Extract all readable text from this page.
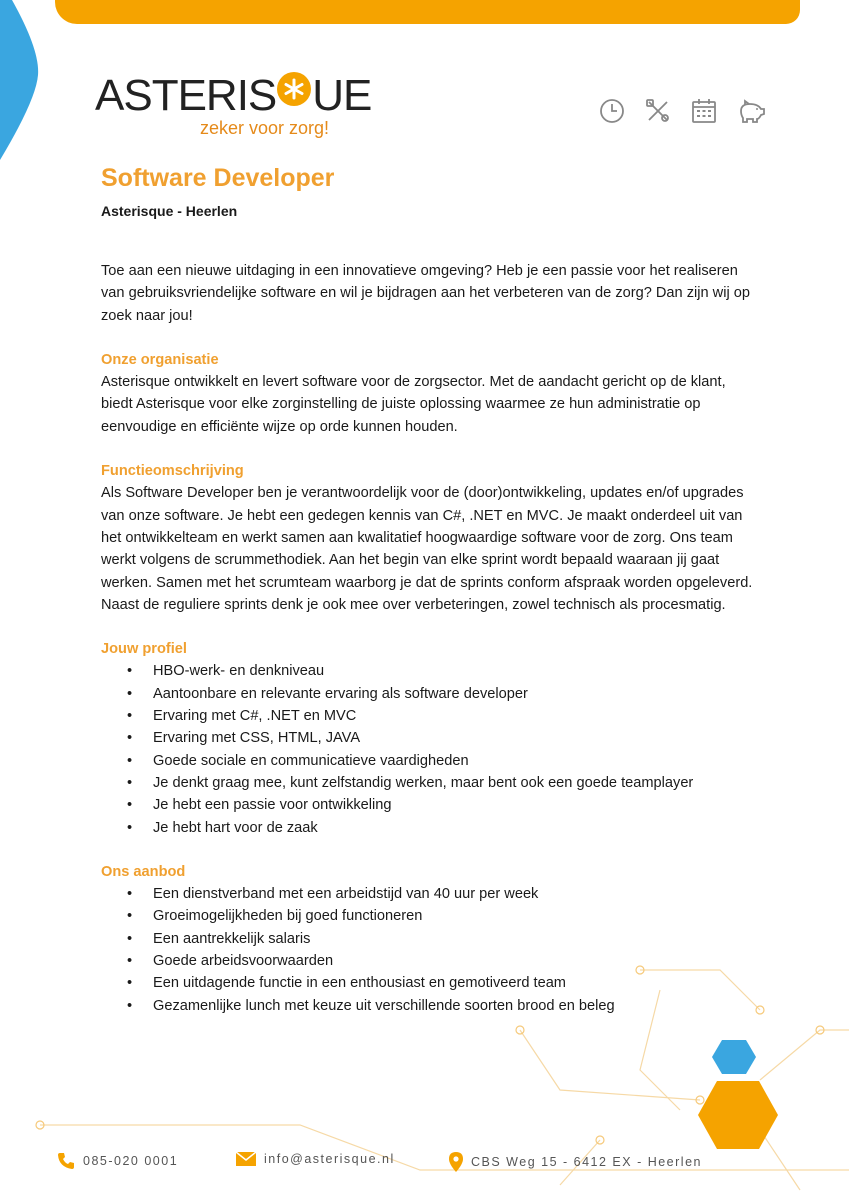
ASTERIS UE
zeker voor zorg!
Software Developer
Asterisque - Heerlen

Toe aan een nieuwe uitdaging in een innovatieve omgeving? Heb je een passie voor het realiseren van gebruiksvriendelijke software en wil je bijdragen aan het verbeteren van de zorg? Dan zijn wij op zoek naar jou!

Onze organisatie

Asterisque ontwikkelt en levert software voor de zorgsector. Met de aandacht gericht op de klant, biedt Asterisque voor elke zorginstelling de juiste oplossing waarmee ze hun administratie op eenvoudige en efficiënte wijze op orde kunnen houden.

Functieomschrijving

Als Software Developer ben je verantwoordelijk voor de (door)ontwikkeling, updates en/of upgrades van onze software. Je hebt een gedegen kennis van C#, .NET en MVC. Je maakt onderdeel uit van het ontwikkelteam en werkt samen aan kwalitatief hoogwaardige software voor de zorg. Ons team werkt volgens de scrummethodiek. Aan het begin van elke sprint wordt bepaald waaraan jij gaat werken. Samen met het scrumteam waarborg je dat de sprints conform afspraak worden opgeleverd. Naast de reguliere sprints denk je ook mee over verbeteringen, zowel technisch als procesmatig.

Jouw profiel

• HBO-werk- en denkniveau
• Aantoonbare en relevante ervaring als software developer
• Ervaring met C#, .NET en MVC
• Ervaring met CSS, HTML, JAVA
• Goede sociale en communicatieve vaardigheden
• Je denkt graag mee, kunt zelfstandig werken, maar bent ook een goede teamplayer
• Je hebt een passie voor ontwikkeling
• Je hebt hart voor de zaak

Ons aanbod

• Een dienstverband met een arbeidstijd van 40 uur per week
• Groeimogelijkheden bij goed functioneren
• Een aantrekkelijk salaris
• Goede arbeidsvoorwaarden
• Een uitdagende functie in een enthousiast en gemotiveerd team
• Gezamenlijke lunch met keuze uit verschillende soorten brood en beleg
085-020 0001	info@asterisque.nl	CBS Weg 15 - 6412 EX - Heerlen
